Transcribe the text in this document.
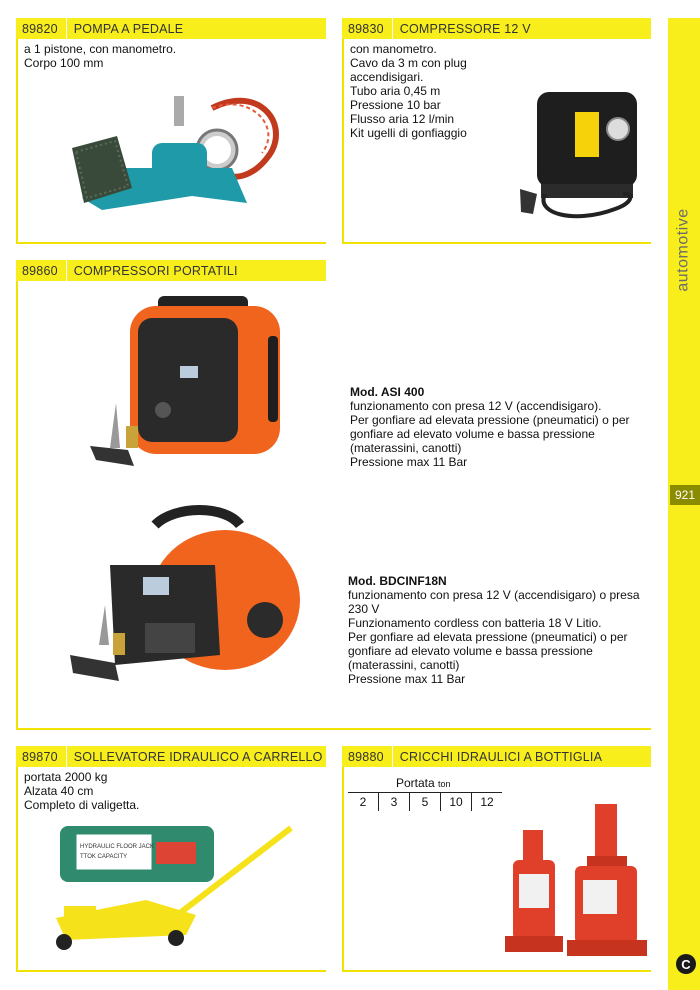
automotive
921
C
89820	POMPA A PEDALE
a 1 pistone, con manometro.
Corpo 100 mm
89830	COMPRESSORE 12 V
con manometro.
Cavo da 3 m con plug
accendisigari.
Tubo aria 0,45 m
Pressione 10 bar
Flusso aria 12 l/min
Kit ugelli di gonfiaggio
89860	COMPRESSORI PORTATILI
Mod. ASI 400
funzionamento con presa 12 V (accendisigaro).
Per gonfiare ad elevata pressione (pneumatici) o per
gonfiare ad elevato volume e bassa pressione
(materassini, canotti)
Pressione max 11 Bar
Mod. BDCINF18N
funzionamento con presa 12 V (accendisigaro) o presa
230 V
Funzionamento cordless con batteria 18 V Litio.
Per gonfiare ad elevata pressione (pneumatici) o per
gonfiare ad elevato volume e bassa pressione
(materassini, canotti)
Pressione max 11 Bar
89870	SOLLEVATORE IDRAULICO A CARRELLO
portata 2000 kg
Alzata 40 cm
Completo di valigetta.
HYDRAULIC FLOOR JACK
TTOK CAPACITY
89880	CRICCHI IDRAULICI A BOTTIGLIA
Portata ton
2	3	5	10	12
